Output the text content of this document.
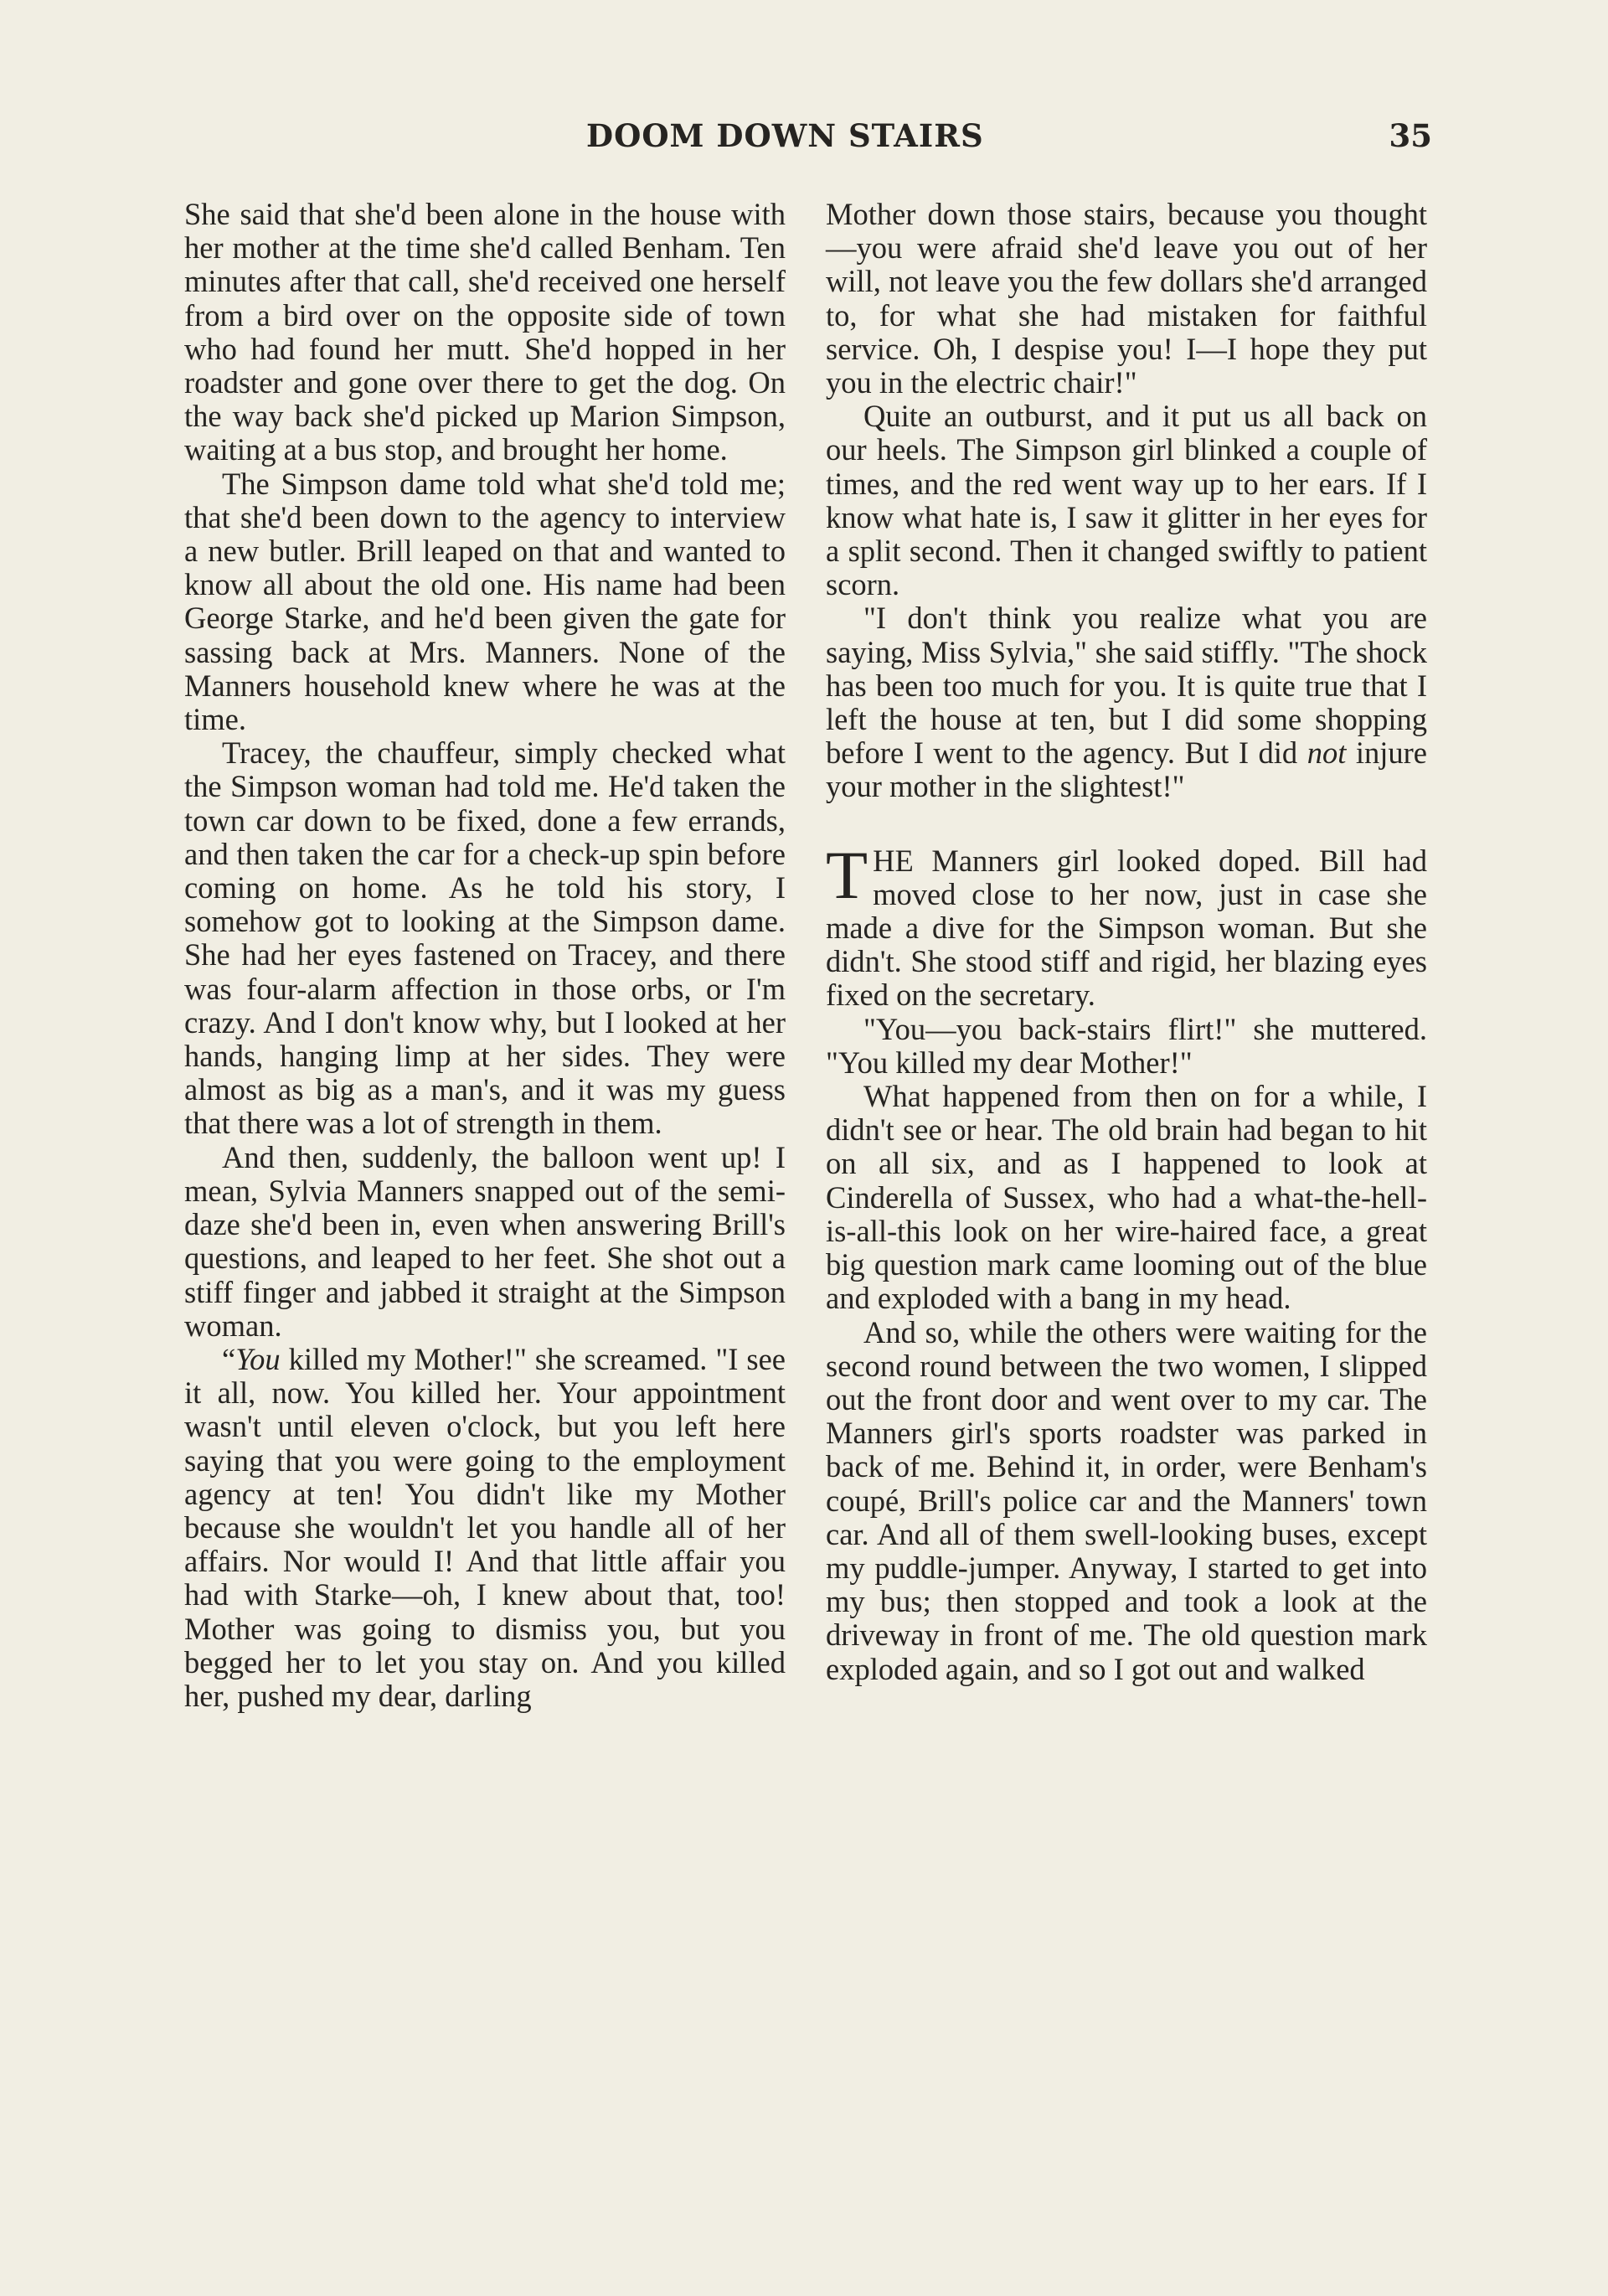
DOOM DOWN STAIRS	35

She said that she'd been alone in the house with her mother at the time she'd called Benham. Ten minutes after that call, she'd received one herself from a bird over on the opposite side of town who had found her mutt. She'd hopped in her roadster and gone over there to get the dog. On the way back she'd picked up Marion Simpson, waiting at a bus stop, and brought her home.

The Simpson dame told what she'd told me; that she'd been down to the agency to interview a new butler. Brill leaped on that and wanted to know all about the old one. His name had been George Starke, and he'd been given the gate for sassing back at Mrs. Manners. None of the Manners household knew where he was at the time.

Tracey, the chauffeur, simply checked what the Simpson woman had told me. He'd taken the town car down to be fixed, done a few errands, and then taken the car for a check-up spin before coming on home. As he told his story, I somehow got to looking at the Simpson dame. She had her eyes fastened on Tracey, and there was four-alarm affection in those orbs, or I'm crazy. And I don't know why, but I looked at her hands, hanging limp at her sides. They were almost as big as a man's, and it was my guess that there was a lot of strength in them.

And then, suddenly, the balloon went up! I mean, Sylvia Manners snapped out of the semi-daze she'd been in, even when answering Brill's questions, and leaped to her feet. She shot out a stiff finger and jabbed it straight at the Simpson woman.

“You killed my Mother!" she screamed. "I see it all, now. You killed her. Your appointment wasn't until eleven o'clock, but you left here saying that you were going to the employment agency at ten! You didn't like my Mother because she wouldn't let you handle all of her affairs. Nor would I! And that little affair you had with Starke—oh, I knew about that, too! Mother was going to dismiss you, but you begged her to let you stay on. And you killed her, pushed my dear, darling

Mother down those stairs, because you thought—you were afraid she'd leave you out of her will, not leave you the few dollars she'd arranged to, for what she had mistaken for faithful service. Oh, I despise you! I—I hope they put you in the electric chair!"

Quite an outburst, and it put us all back on our heels. The Simpson girl blinked a couple of times, and the red went way up to her ears. If I know what hate is, I saw it glitter in her eyes for a split second. Then it changed swiftly to patient scorn.

"I don't think you realize what you are saying, Miss Sylvia," she said stiffly. "The shock has been too much for you. It is quite true that I left the house at ten, but I did some shopping before I went to the agency. But I did not injure your mother in the slightest!"

THE Manners girl looked doped. Bill had moved close to her now, just in case she made a dive for the Simpson woman. But she didn't. She stood stiff and rigid, her blazing eyes fixed on the secretary.

"You—you back-stairs flirt!" she muttered. "You killed my dear Mother!"

What happened from then on for a while, I didn't see or hear. The old brain had began to hit on all six, and as I happened to look at Cinderella of Sussex, who had a what-the-hell-is-all-this look on her wire-haired face, a great big question mark came looming out of the blue and exploded with a bang in my head.

And so, while the others were waiting for the second round between the two women, I slipped out the front door and went over to my car. The Manners girl's sports roadster was parked in back of me. Behind it, in order, were Benham's coupé, Brill's police car and the Manners' town car. And all of them swell-looking buses, except my puddle-jumper. Anyway, I started to get into my bus; then stopped and took a look at the driveway in front of me. The old question mark exploded again, and so I got out and walked
